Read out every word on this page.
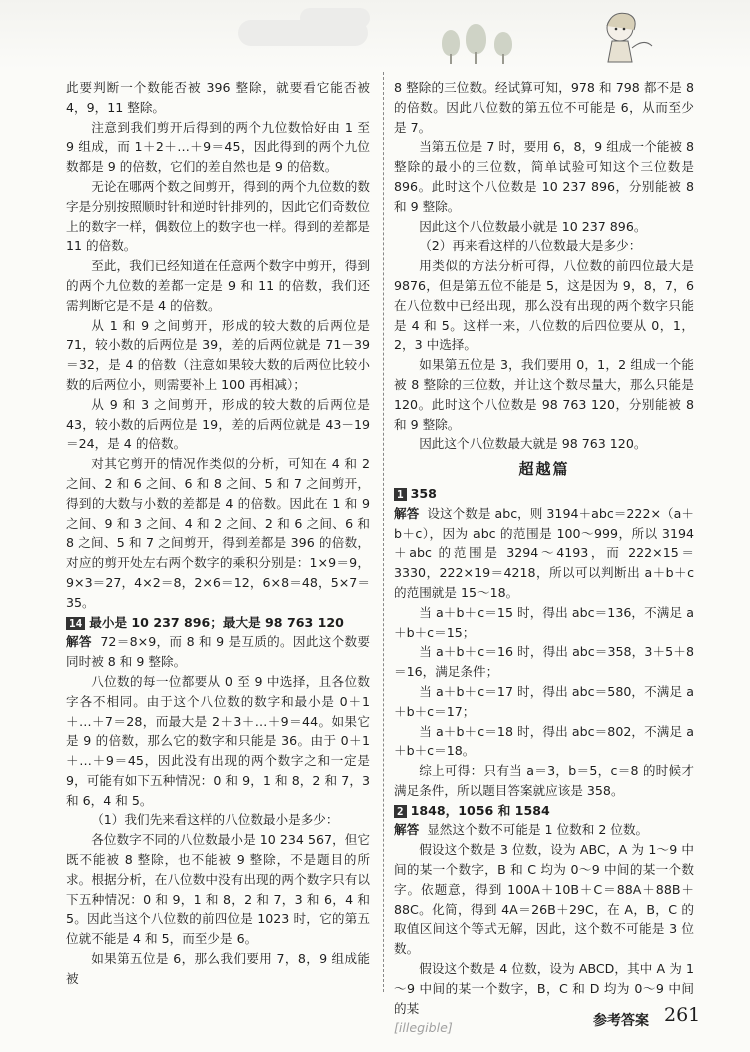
此要判断一个数能否被 396 整除，就要看它能否被 4，9，11 整除。

注意到我们剪开后得到的两个九位数恰好由 1 至 9 组成，而 1＋2＋…＋9＝45，因此得到的两个九位数都是 9 的倍数，它们的差自然也是 9 的倍数。

无论在哪两个数之间剪开，得到的两个九位数的数字是分别按照顺时针和逆时针排列的，因此它们奇数位上的数字一样，偶数位上的数字也一样。得到的差都是 11 的倍数。

至此，我们已经知道在任意两个数字中剪开，得到的两个九位数的差都一定是 9 和 11 的倍数，我们还需判断它是不是 4 的倍数。

从 1 和 9 之间剪开，形成的较大数的后两位是 71，较小数的后两位是 39，差的后两位就是 71－39＝32，是 4 的倍数（注意如果较大数的后两位比较小数的后两位小，则需要补上 100 再相减）；

从 9 和 3 之间剪开，形成的较大数的后两位是 43，较小数的后两位是 19，差的后两位就是 43－19＝24，是 4 的倍数。

对其它剪开的情况作类似的分析，可知在 4 和 2 之间、2 和 6 之间、6 和 8 之间、5 和 7 之间剪开，得到的大数与小数的差都是 4 的倍数。因此在 1 和 9 之间、9 和 3 之间、4 和 2 之间、2 和 6 之间、6 和 8 之间、5 和 7 之间剪开，得到差都是 396 的倍数，对应的剪开处左右两个数字的乘积分别是：1×9＝9，9×3＝27，4×2＝8，2×6＝12，6×8＝48，5×7＝35。

14 最小是 10 237 896；最大是 98 763 120

解答 72＝8×9，而 8 和 9 是互质的。因此这个数要同时被 8 和 9 整除。

八位数的每一位都要从 0 至 9 中选择，且各位数字各不相同。由于这个八位数的数字和最小是 0＋1＋…＋7＝28，而最大是 2＋3＋…＋9＝44。如果它是 9 的倍数，那么它的数字和只能是 36。由于 0＋1＋…＋9＝45，因此没有出现的两个数字之和一定是 9，可能有如下五种情况：0 和 9，1 和 8，2 和 7，3 和 6，4 和 5。

（1）我们先来看这样的八位数最小是多少：

各位数字不同的八位数最小是 10 234 567，但它既不能被 8 整除，也不能被 9 整除，不是题目的所求。根据分析，在八位数中没有出现的两个数字只有以下五种情况：0 和 9，1 和 8，2 和 7，3 和 6，4 和 5。因此当这个八位数的前四位是 1023 时，它的第五位就不能是 4 和 5，而至少是 6。

如果第五位是 6，那么我们要用 7，8，9 组成能被

8 整除的三位数。经试算可知，978 和 798 都不是 8 的倍数。因此八位数的第五位不可能是 6，从而至少是 7。

当第五位是 7 时，要用 6，8，9 组成一个能被 8 整除的最小的三位数，简单试验可知这个三位数是 896。此时这个八位数是 10 237 896，分别能被 8 和 9 整除。

因此这个八位数最小就是 10 237 896。

（2）再来看这样的八位数最大是多少：

用类似的方法分析可得，八位数的前四位最大是 9876，但是第五位不能是 5，这是因为 9，8，7，6 在八位数中已经出现，那么没有出现的两个数字只能是 4 和 5。这样一来，八位数的后四位要从 0，1，2，3 中选择。

如果第五位是 3，我们要用 0，1，2 组成一个能被 8 整除的三位数，并让这个数尽量大，那么只能是 120。此时这个八位数是 98 763 120，分别能被 8 和 9 整除。

因此这个八位数最大就是 98 763 120。

超越篇

1 358

解答 设这个数是 abc，则 3194＋abc＝222×（a＋b＋c），因为 abc 的范围是 100～999，所以 3194＋abc 的范围是 3294～4193，而 222×15＝3330，222×19＝4218，所以可以判断出 a＋b＋c 的范围就是 15～18。

当 a＋b＋c＝15 时，得出 abc＝136，不满足 a＋b＋c＝15；

当 a＋b＋c＝16 时，得出 abc＝358，3＋5＋8＝16，满足条件；

当 a＋b＋c＝17 时，得出 abc＝580，不满足 a＋b＋c＝17；

当 a＋b＋c＝18 时，得出 abc＝802，不满足 a＋b＋c＝18。

综上可得：只有当 a＝3，b＝5，c＝8 的时候才满足条件，所以题目答案就应该是 358。

2 1848，1056 和 1584

解答 显然这个数不可能是 1 位数和 2 位数。

假设这个数是 3 位数，设为 ABC，A 为 1～9 中间的某一个数字，B 和 C 均为 0～9 中间的某一个数字。依题意，得到 100A＋10B＋C＝88A＋88B＋88C。化简，得到 4A＝26B＋29C，在 A，B，C 的取值区间这个等式无解，因此，这个数不可能是 3 位数。

假设这个数是 4 位数，设为 ABCD，其中 A 为 1～9 中间的某一个数字，B，C 和 D 均为 0～9 中间的某

[illegible]	参考答案 261
